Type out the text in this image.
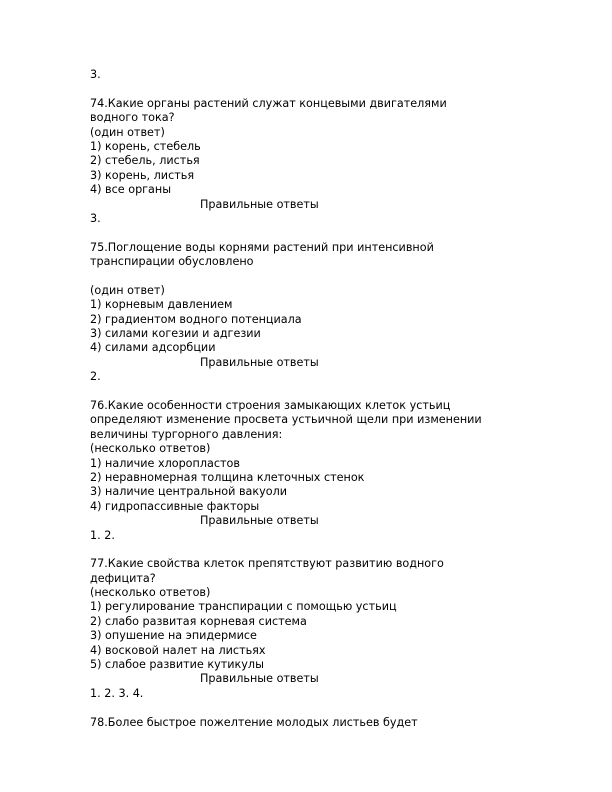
3.
74.Какие органы растений служат концевыми двигателями
водного тока?
(один ответ)
1) корень, стебель
2) стебель, листья
3) корень, листья
4) все органы
Правильные ответы
3.
75.Поглощение воды корнями растений при интенсивной
транспирации обусловлено
(один ответ)
1) корневым давлением
2) градиентом водного потенциала
3) силами когезии и адгезии
4) силами адсорбции
Правильные ответы
2.
76.Какие особенности строения замыкающих клеток устьиц
определяют изменение просвета устьичной щели при изменении
величины тургорного давления:
(несколько ответов)
1) наличие хлоропластов
2) неравномерная толщина клеточных стенок
3) наличие центральной вакуоли
4) гидропассивные факторы
Правильные ответы
1. 2.
77.Какие свойства клеток препятствуют развитию водного
дефицита?
(несколько ответов)
1) регулирование транспирации с помощью устьиц
2) слабо развитая корневая система
3) опушение на эпидермисе
4) восковой налет на листьях
5) слабое развитие кутикулы
Правильные ответы
1. 2. 3. 4.
78.Более быстрое пожелтение молодых листьев будет
